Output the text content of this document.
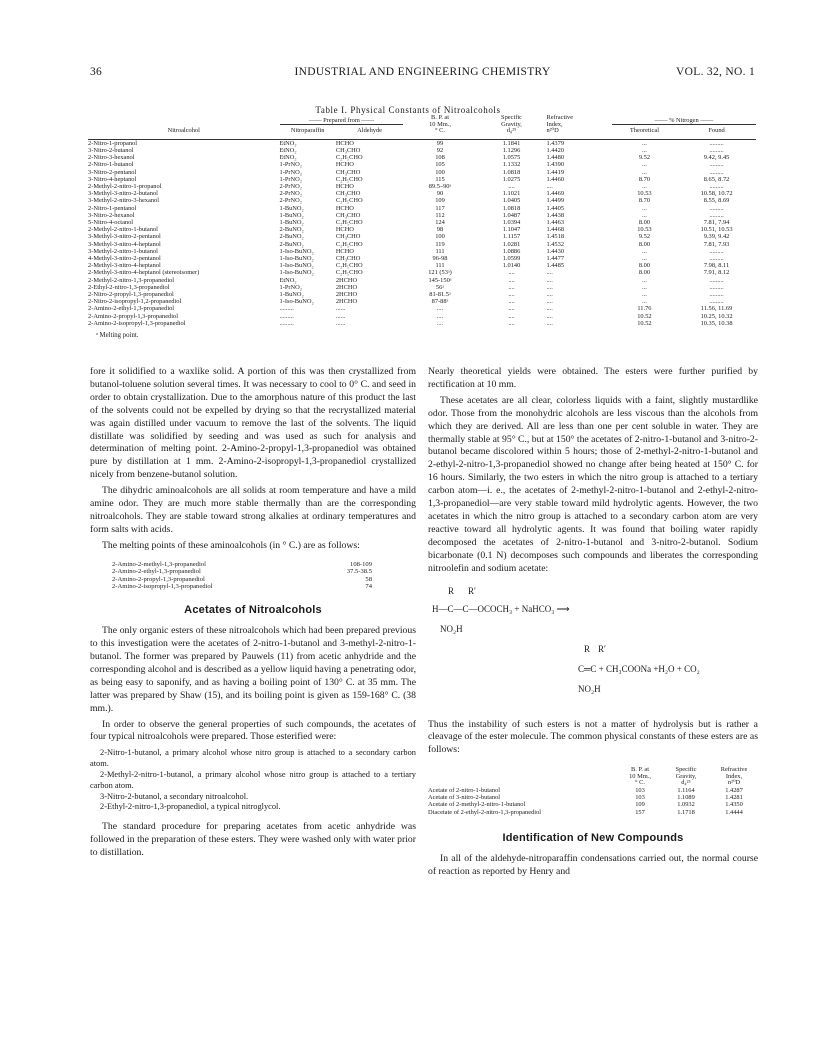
36	INDUSTRIAL AND ENGINEERING CHEMISTRY	VOL. 32, NO. 1
Table I. Physical Constants of Nitroalcohols
	—— Prepared from ——		B. P. at
10 Mm.,
° C.	Specific
Gravity,
d₄²⁵	Refractive
Index,
n²⁰D	—— % Nitrogen ——	
Nitroalcohol	Nitroparaffin	Aldehyde				Theoretical	Found

2-Nitro-1-propanol	EtNO₂	HCHO	99	1.1841	1.4379	...	.........
3-Nitro-2-butanol	EtNO₂	CH₃CHO	92	1.1296	1.4420	...	.........
2-Nitro-3-hexanol	EtNO₂	C₂H₅CHO	108	1.0575	1.4480	9.52	9.42, 9.45
2-Nitro-1-butanol	1-PrNO₂	HCHO	105	1.1332	1.4390	...	.........
3-Nitro-2-pentanol	1-PrNO₂	CH₃CHO	100	1.0818	1.4419	...	.........
3-Nitro-4-heptanol	1-PrNO₂	C₂H₅CHO	115	1.0275	1.4460	8.70	8.65, 8.72
2-Methyl-2-nitro-1-propanol	2-PrNO₂	HCHO	89.5–90ᵃ	....	....	...	.........
3-Methyl-3-nitro-2-butanol	2-PrNO₂	CH₃CHO	90	1.1021	1.4469	10.53	10.58, 10.72
3-Methyl-2-nitro-3-hexanol	2-PrNO₂	C₂H₅CHO	109	1.0405	1.4499	8.70	8.55, 8.69
2-Nitro-1-pentanol	1-BuNO₂	HCHO	117	1.0818	1.4405	...	.........
3-Nitro-2-hexanol	1-BuNO₂	CH₃CHO	112	1.0487	1.4438	...	.........
5-Nitro-4-octanol	1-BuNO₂	C₂H₅CHO	124	1.0394	1.4463	8.00	7.81, 7.94
2-Methyl-2-nitro-1-butanol	2-BuNO₂	HCHO	98	1.1047	1.4468	10.53	10.51, 10.53
3-Methyl-3-nitro-2-pentanol	2-BuNO₂	CH₃CHO	100	1.1157	1.4518	9.52	9.39, 9.42
3-Methyl-3-nitro-4-heptanol	2-BuNO₂	C₂H₅CHO	119	1.0281	1.4532	8.00	7.81, 7.93
3-Methyl-2-nitro-1-butanol	1-Iso-BuNO₂	HCHO	111	1.0886	1.4430	...	.........
4-Methyl-3-nitro-2-pentanol	1-Iso-BuNO₂	CH₃CHO	96-98	1.0599	1.4477	...	.........
2-Methyl-3-nitro-4-heptanol	1-Iso-BuNO₂	C₂H₅CHO	111	1.0140	1.4485	8.00	7.98, 8.11
2-Methyl-3-nitro-4-heptanol (stereoisomer)	1-Iso-BuNO₂	C₂H₅CHO	121 (53ᵃ)	....	....	8.00	7.91, 8.12
2-Methyl-2-nitro-1,3-propanediol	EtNO₂	2HCHO	145-150ᵃ	....	....	...	.........
2-Ethyl-2-nitro-1,3-propanediol	1-PrNO₂	2HCHO	56ᵃ	....	....	...	.........
2-Nitro-2-propyl-1,3-propanediol	1-BuNO₂	2HCHO	81-81.5ᵃ	....	....	...	.........
2-Nitro-2-isopropyl-1,2-propanediol	1-Iso-BuNO₂	2HCHO	87-88ᵃ	....	....	...	.........
2-Amino-2-ethyl-1,3-propanediol	.........	......	....	....	....	11.76	11.56, 11.69
2-Amino-2-propyl-1,3-propanediol	.........	......	....	....	....	10.52	10.25, 10.32
2-Amino-2-isopropyl-1,3-propanediol	.........	......	....	....	....	10.52	10.35, 10.38
ᵃ Melting point.

fore it solidified to a waxlike solid. A portion of this was then crystallized from butanol-toluene solution several times. It was necessary to cool to 0° C. and seed in order to obtain crystallization. Due to the amorphous nature of this product the last of the solvents could not be expelled by drying so that the recrystallized material was again distilled under vacuum to remove the last of the solvents. The liquid distillate was solidified by seeding and was used as such for analysis and determination of melting point. 2-Amino-2-propyl-1,3-propanediol was obtained pure by distillation at 1 mm. 2-Amino-2-isopropyl-1,3-propanediol crystallized nicely from benzene-butanol solution.

The dihydric aminoalcohols are all solids at room temperature and have a mild amine odor. They are much more stable thermally than are the corresponding nitroalcohols. They are stable toward strong alkalies at ordinary temperatures and form salts with acids.

The melting points of these aminoalcohols (in ° C.) are as follows:

2-Amino-2-methyl-1,3-propanediol	108-109
2-Amino-2-ethyl-1,3-propanediol	37.5-38.5
2-Amino-2-propyl-1,3-propanediol	58
2-Amino-2-isopropyl-1,3-propanediol	74
Acetates of Nitroalcohols

The only organic esters of these nitroalcohols which had been prepared previous to this investigation were the acetates of 2-nitro-1-butanol and 3-methyl-2-nitro-1-butanol. The former was prepared by Pauwels (11) from acetic anhydride and the corresponding alcohol and is described as a yellow liquid having a penetrating odor, as being easy to saponify, and as having a boiling point of 130° C. at 35 mm. The latter was prepared by Shaw (15), and its boiling point is given as 159-168° C. (38 mm.).

In order to observe the general properties of such compounds, the acetates of four typical nitroalcohols were prepared. Those esterified were:

2-Nitro-1-butanol, a primary alcohol whose nitro group is attached to a secondary carbon atom.
2-Methyl-2-nitro-1-butanol, a primary alcohol whose nitro group is attached to a tertiary carbon atom.
3-Nitro-2-butanol, a secondary nitroalcohol.
2-Ethyl-2-nitro-1,3-propanediol, a typical nitroglycol.

The standard procedure for preparing acetates from acetic anhydride was followed in the preparation of these esters. They were washed only with water prior to distillation.

Nearly theoretical yields were obtained. The esters were further purified by rectification at 10 mm.

These acetates are all clear, colorless liquids with a faint, slightly mustardlike odor. Those from the monohydric alcohols are less viscous than the alcohols from which they are derived. All are less than one per cent soluble in water. They are thermally stable at 95° C., but at 150° the acetates of 2-nitro-1-butanol and 3-nitro-2-butanol became discolored within 5 hours; those of 2-methyl-2-nitro-1-butanol and 2-ethyl-2-nitro-1,3-propanediol showed no change after being heated at 150° C. for 16 hours. Similarly, the two esters in which the nitro group is attached to a tertiary carbon atom—i. e., the acetates of 2-methyl-2-nitro-1-butanol and 2-ethyl-2-nitro-1,3-propanediol—are very stable toward mild hydrolytic agents. However, the two acetates in which the nitro group is attached to a secondary carbon atom are very reactive toward all hydrolytic agents. It was found that boiling water rapidly decomposed the acetates of 2-nitro-1-butanol and 3-nitro-2-butanol. Sodium bicarbonate (0.1 N) decomposes such compounds and liberates the corresponding nitroolefin and sodium acetate:

R R′
H—C—C—OCOCH₃ + NaHCO₃ ⟶
NO₂H
R R′
C═C + CH₃COONa +H₂O + CO₂
NO₂H

Thus the instability of such esters is not a matter of hydrolysis but is rather a cleavage of the ester molecule. The common physical constants of these esters are as follows:

	B. P. at
10 Mm.,
° C.	Specific
Gravity,
d₄²⁵	Refractive
Index,
n²⁰D
Acetate of 2-nitro-1-butanol	103	1.1164	1.4287
Acetate of 3-nitro-2-butanol	103	1.1089	1.4281
Acetate of 2-methyl-2-nitro-1-butanol	109	1.0932	1.4350
Diacetate of 2-ethyl-2-nitro-1,3-propanediol	157	1.1718	1.4444
Identification of New Compounds

In all of the aldehyde-nitroparaffin condensations carried out, the normal course of reaction as reported by Henry and
